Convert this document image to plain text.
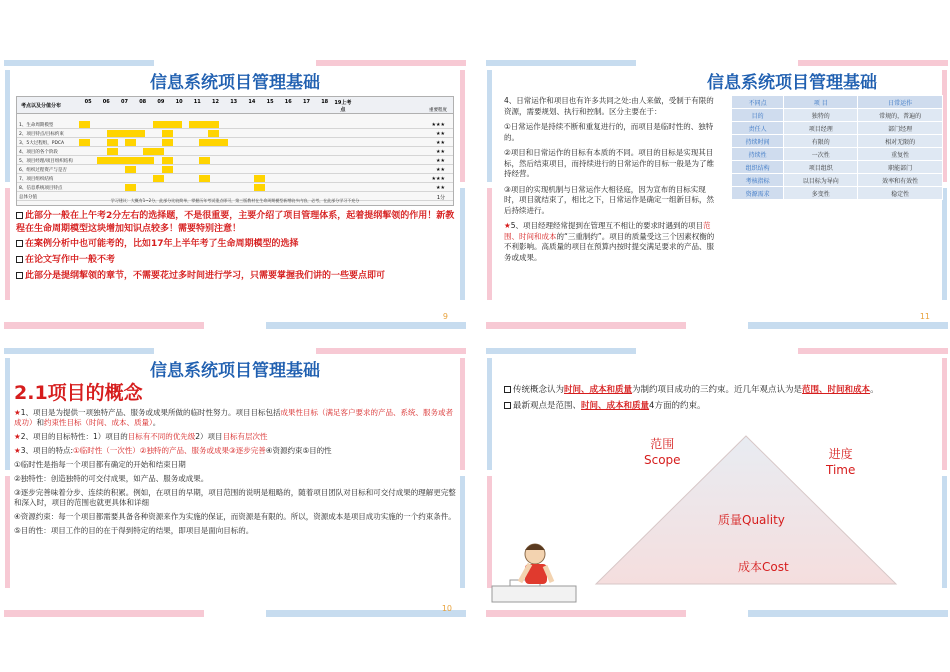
信息系统项目管理基础
考点以及分值分布
05	06	07	08	09	10	11	12	13	14	15	16	17	18	19上考点	重要程度
1、生命周期模型	★★★
2、项目特点/目标约束	★★
3、5大过程组，PDCA	★★
4、项目的各个阶段	★★
5、项目经理/项目组织结构	★★
6、组织过程资产与是否	★★
7、项目组织结构	★★★
8、信息系统项目特点	★★
总体分值	1分
学习建议：大概有1~2分，此部分比较简单，掌握历年考试重点即可，第三版教材在生命周期模型新增较多内容，必考，在此部分学习不充分
此部分一般在上午考2分左右的选择题，不是很重要，主要介绍了项目管理体系，起着提纲挈领的作用！新教程在生命周期模型这块增加知识点较多！需要特别注意！
在案例分析中也可能考的，比如17年上半年考了生命周期模型的选择
在论文写作中一般不考
此部分是提纲挈领的章节，不需要花过多时间进行学习，只需要掌握我们讲的一些要点即可
9
信息系统项目管理基础

4、日常运作和项目也有许多共同之处:由人来做，受制于有限的资源，需要规划、执行和控制。区分主要在于：

①日常运作是持续不断和重复进行的，而项目是临时性的、独特的。

②项目和日常运作的目标有本质的不同。项目的目标是实现其目标，然后结束项目，而持续进行的日常运作的目标一般是为了维持经营。

③项目的实现机制与日常运作大相径庭，因为宣布的目标实现时，项目就结束了，相比之下，日常运作是确定一组新目标，然后持续进行。

★5、项目经理经常提到在管理互不相让的要求时遇到的项目范围、时间和成本的“三重制约”。项目的质量受这三个因素权衡的不利影响。高质量的项目在预算内按时提交满足要求的产品、服务或成果。

不同点	项 目	日常运作
目的	独特的	常规的，普遍的
责任人	项目经理	部门经理
持续时间	有限的	相对无限的
持续性	一次性	重复性
组织结构	项目组织	职能部门
考核指标	以目标为导向	效率和有效性
资源需求	多变性	稳定性
11
信息系统项目管理基础
2.1项目的概念

★1、项目是为提供一项独特产品、服务或成果所做的临时性努力。项目目标包括成果性目标（满足客户要求的产品、系统、服务或者成功）和约束性目标（时间、成本、质量）。

★2、项目的目标特性：1）项目的目标有不同的优先级2）项目目标有层次性

★3、项目的特点:①临时性（一次性）②独特的产品、服务或成果③逐步完善④资源约束⑤目的性

①临时性是指每一个项目都有确定的开始和结束日期

②独特性：创造独特的可交付成果，如产品、服务或成果。

③逐步完善味着分步、连续的积累。例如，在项目的早期，项目范围的说明是粗略的，随着项目团队对目标和可交付成果的理解更完整和深入时，项目的范围也就更具体和详细

④资源约束：每一个项目都需要具备各种资源来作为实施的保证，而资源是有限的。所以，资源成本是项目成功实施的一个约束条件。

⑤目的性：项目工作的目的在于得到特定的结果，即项目是面向目标的。

10

传统概念认为时间、成本和质量为制约项目成功的三约束。近几年观点认为是范围、时间和成本。

最新观点是范围、时间、成本和质量4方面的约束。

范围
Scope	进度
Time
质量Quality
成本Cost
